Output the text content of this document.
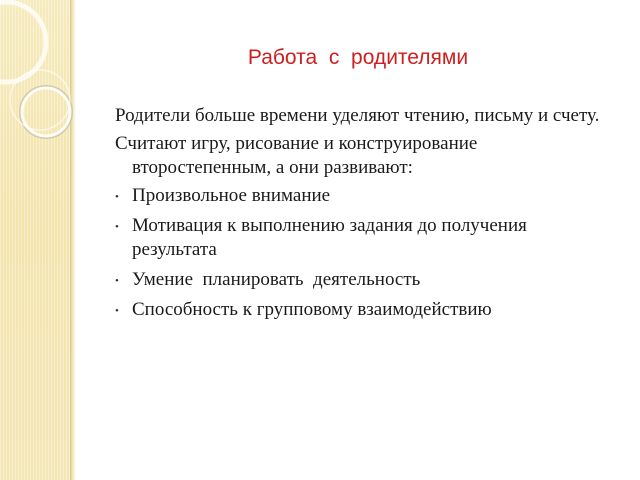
Работа  с  родителями

Родители больше времени уделяют чтению, письму и счету.

Считают игру, рисование и конструирование второстепенным, а они развивают:

• Произвольное внимание
• Мотивация к выполнению задания до получения результата
• Умение  планировать  деятельность
• Способность к групповому взаимодействию
